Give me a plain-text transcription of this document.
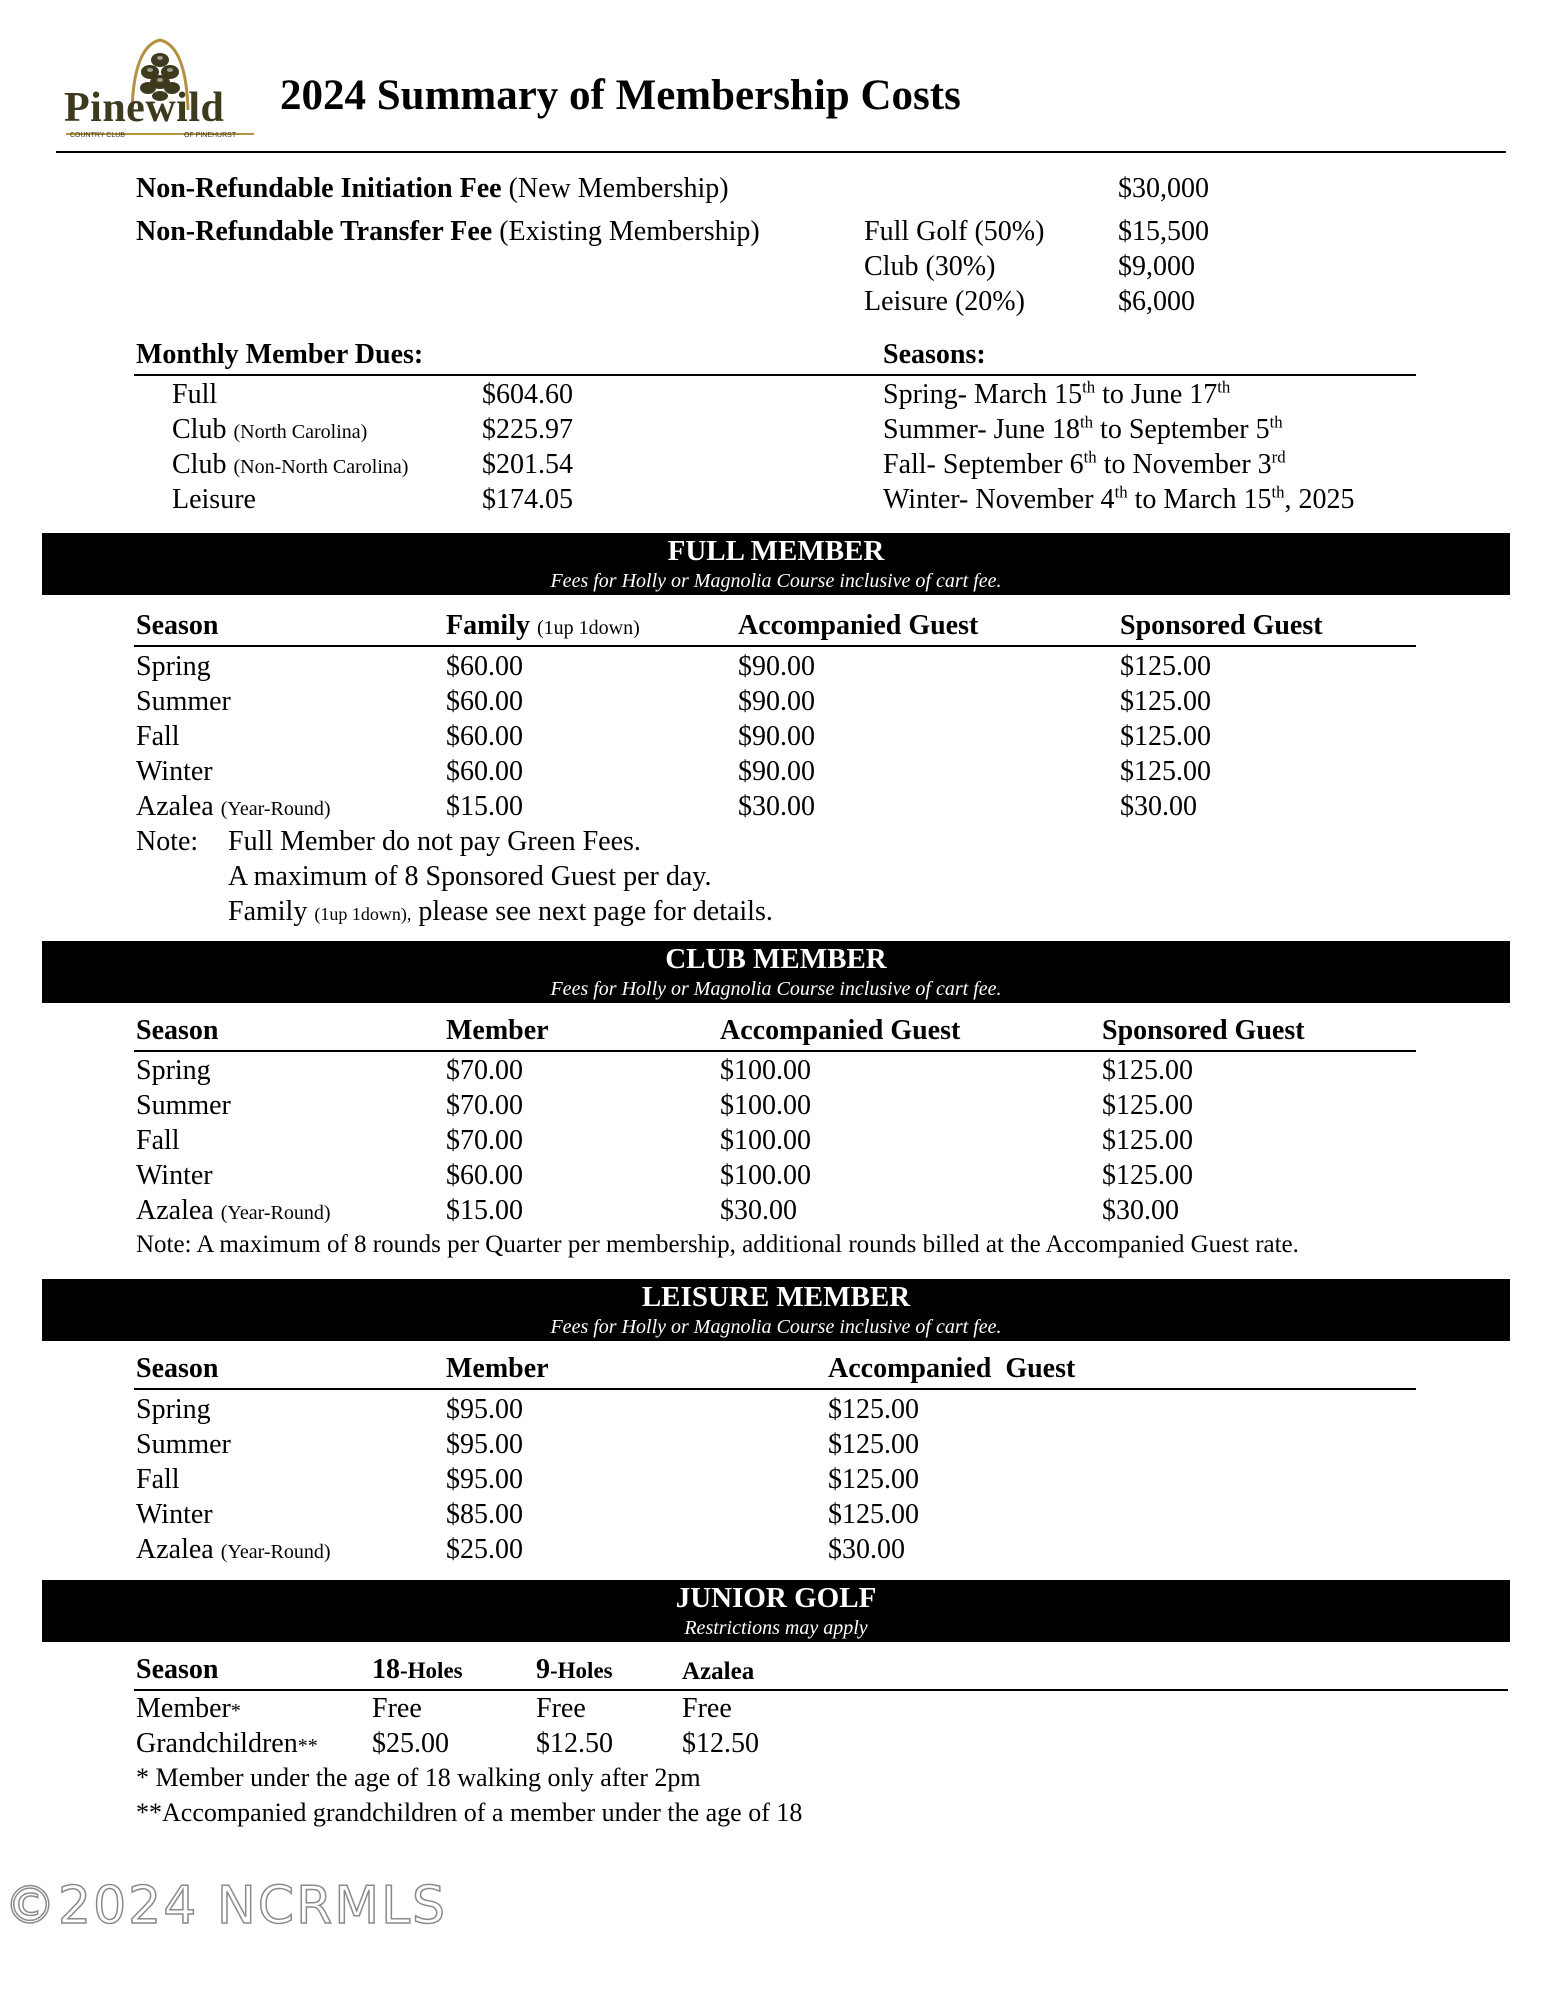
Pinewild
COUNTRY CLUB	OF PINEHURST
2024 Summary of Membership Costs
Non-Refundable Initiation Fee (New Membership)	$30,000
Non-Refundable Transfer Fee (Existing Membership)	Full Golf (50%)	$15,500
Club (30%)	$9,000
Leisure (20%)	$6,000
Monthly Member Dues:	Seasons:
Full	$604.60
Club (North Carolina)	$225.97
Club (Non-North Carolina)	$201.54
Leisure	$174.05
Spring- March 15th to June 17th
Summer- June 18th to September 5th
Fall- September 6th to November 3rd
Winter- November 4th to March 15th, 2025
FULL MEMBER
Fees for Holly or Magnolia Course inclusive of cart fee.
Season	Family (1up 1down)	Accompanied Guest	Sponsored Guest
Spring	$60.00	$90.00	$125.00
Summer	$60.00	$90.00	$125.00
Fall	$60.00	$90.00	$125.00
Winter	$60.00	$90.00	$125.00
Azalea (Year-Round)	$15.00	$30.00	$30.00
Note: Full Member do not pay Green Fees.
A maximum of 8 Sponsored Guest per day.
Family (1up 1down), please see next page for details.
CLUB MEMBER
Fees for Holly or Magnolia Course inclusive of cart fee.
Season	Member	Accompanied Guest	Sponsored Guest
Spring	$70.00	$100.00	$125.00
Summer	$70.00	$100.00	$125.00
Fall	$70.00	$100.00	$125.00
Winter	$60.00	$100.00	$125.00
Azalea (Year-Round)	$15.00	$30.00	$30.00
Note: A maximum of 8 rounds per Quarter per membership, additional rounds billed at the Accompanied Guest rate.
LEISURE MEMBER
Fees for Holly or Magnolia Course inclusive of cart fee.
Season	Member	Accompanied  Guest
Spring	$95.00	$125.00
Summer	$95.00	$125.00
Fall	$95.00	$125.00
Winter	$85.00	$125.00
Azalea (Year-Round)	$25.00	$30.00
JUNIOR GOLF
Restrictions may apply
Season	18-Holes	9-Holes	Azalea
Member*	Free	Free	Free
Grandchildren** $25.00	$12.50 $12.50
* Member under the age of 18 walking only after 2pm
**Accompanied grandchildren of a member under the age of 18
©2024 NCRMLS
